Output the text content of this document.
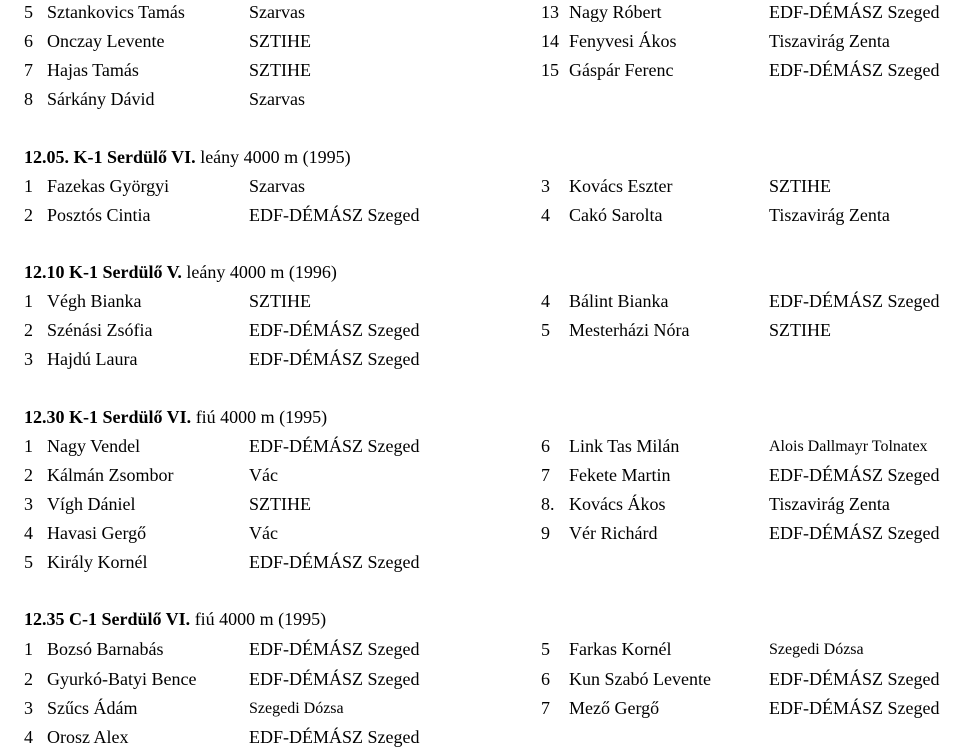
5 Sztankovics Tamás	Szarvas	13 Nagy Róbert	EDF-DÉMÁSZ Szeged
6 Onczay Levente	SZTIHE	14 Fenyvesi Ákos	Tiszavirág Zenta
7 Hajas Tamás	SZTIHE	15 Gáspár Ferenc	EDF-DÉMÁSZ Szeged
8 Sárkány Dávid	Szarvas
12.05. K-1 Serdülő VI. leány 4000 m (1995)
1 Fazekas Györgyi	Szarvas	3 Kovács Eszter	SZTIHE
2 Posztós Cintia	EDF-DÉMÁSZ Szeged	4 Cakó Sarolta	Tiszavirág Zenta
12.10 K-1 Serdülő V. leány 4000 m (1996)
1 Végh Bianka	SZTIHE	4 Bálint Bianka	EDF-DÉMÁSZ Szeged
2 Szénási Zsófia	EDF-DÉMÁSZ Szeged	5 Mesterházi Nóra	SZTIHE
3 Hajdú Laura	EDF-DÉMÁSZ Szeged
12.30 K-1 Serdülő VI. fiú 4000 m (1995)
1 Nagy Vendel	EDF-DÉMÁSZ Szeged	6 Link Tas Milán	Alois Dallmayr Tolnatex
2 Kálmán Zsombor	Vác	7 Fekete Martin	EDF-DÉMÁSZ Szeged
3 Vígh Dániel	SZTIHE	8. Kovács Ákos	Tiszavirág Zenta
4 Havasi Gergő	Vác	9 Vér Richárd	EDF-DÉMÁSZ Szeged
5 Király Kornél	EDF-DÉMÁSZ Szeged
12.35 C-1 Serdülő VI. fiú 4000 m (1995)
1 Bozsó Barnabás	EDF-DÉMÁSZ Szeged	5 Farkas Kornél	Szegedi Dózsa
2 Gyurkó-Batyi Bence	EDF-DÉMÁSZ Szeged	6 Kun Szabó Levente	EDF-DÉMÁSZ Szeged
3 Szűcs Ádám	Szegedi Dózsa	7 Mező Gergő	EDF-DÉMÁSZ Szeged
4 Orosz Alex	EDF-DÉMÁSZ Szeged
